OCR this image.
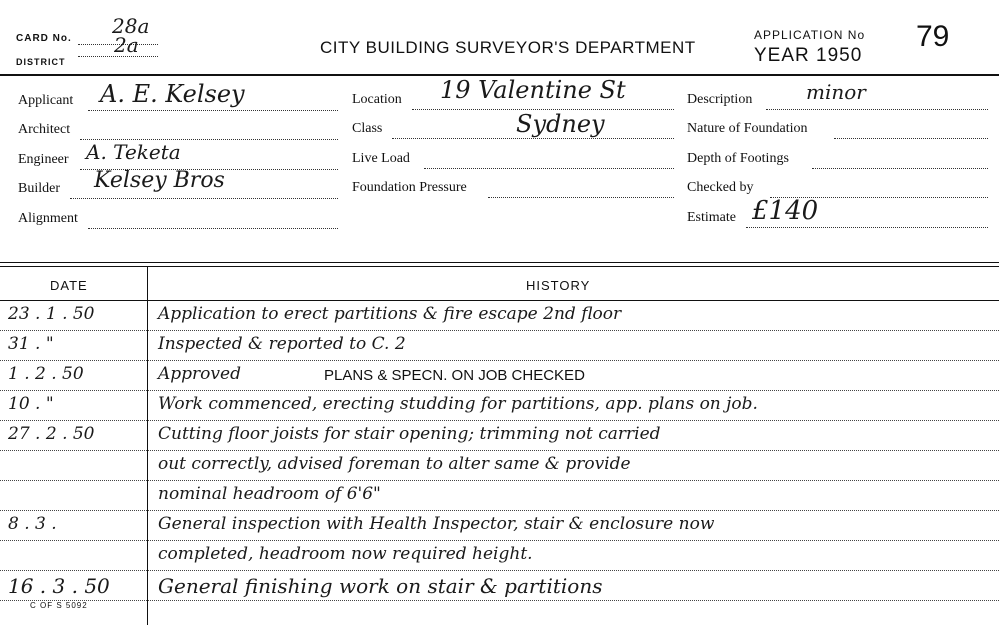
CARD No.
28a
DISTRICT
2a	CITY BUILDING SURVEYOR'S DEPARTMENT
APPLICATION No 79
YEAR 1950
Applicant A. E. Kelsey
Architect
Engineer A. Teketa
Builder Kelsey Bros
Alignment
Location 19 Valentine St
Class	Sydney
Live Load
Foundation Pressure
Description	minor
Nature of Foundation
Depth of Footings
Checked by
Estimate £140
DATE	HISTORY
23 . 1 . 50	Application to erect partitions & fire escape 2nd floor
31 . "	Inspected & reported to C. 2
1 . 2 . 50	Approved	PLANS & SPECN. ON JOB CHECKED
10 . "	Work commenced, erecting studding for partitions, app. plans on job.
27 . 2 . 50	Cutting floor joists for stair opening; trimming not carried
out correctly, advised foreman to alter same & provide
nominal headroom of 6'6"
8 . 3 .	General inspection with Health Inspector, stair & enclosure now
completed, headroom now required height.
16 . 3 . 50	General finishing work on stair & partitions
C OF S 5092
